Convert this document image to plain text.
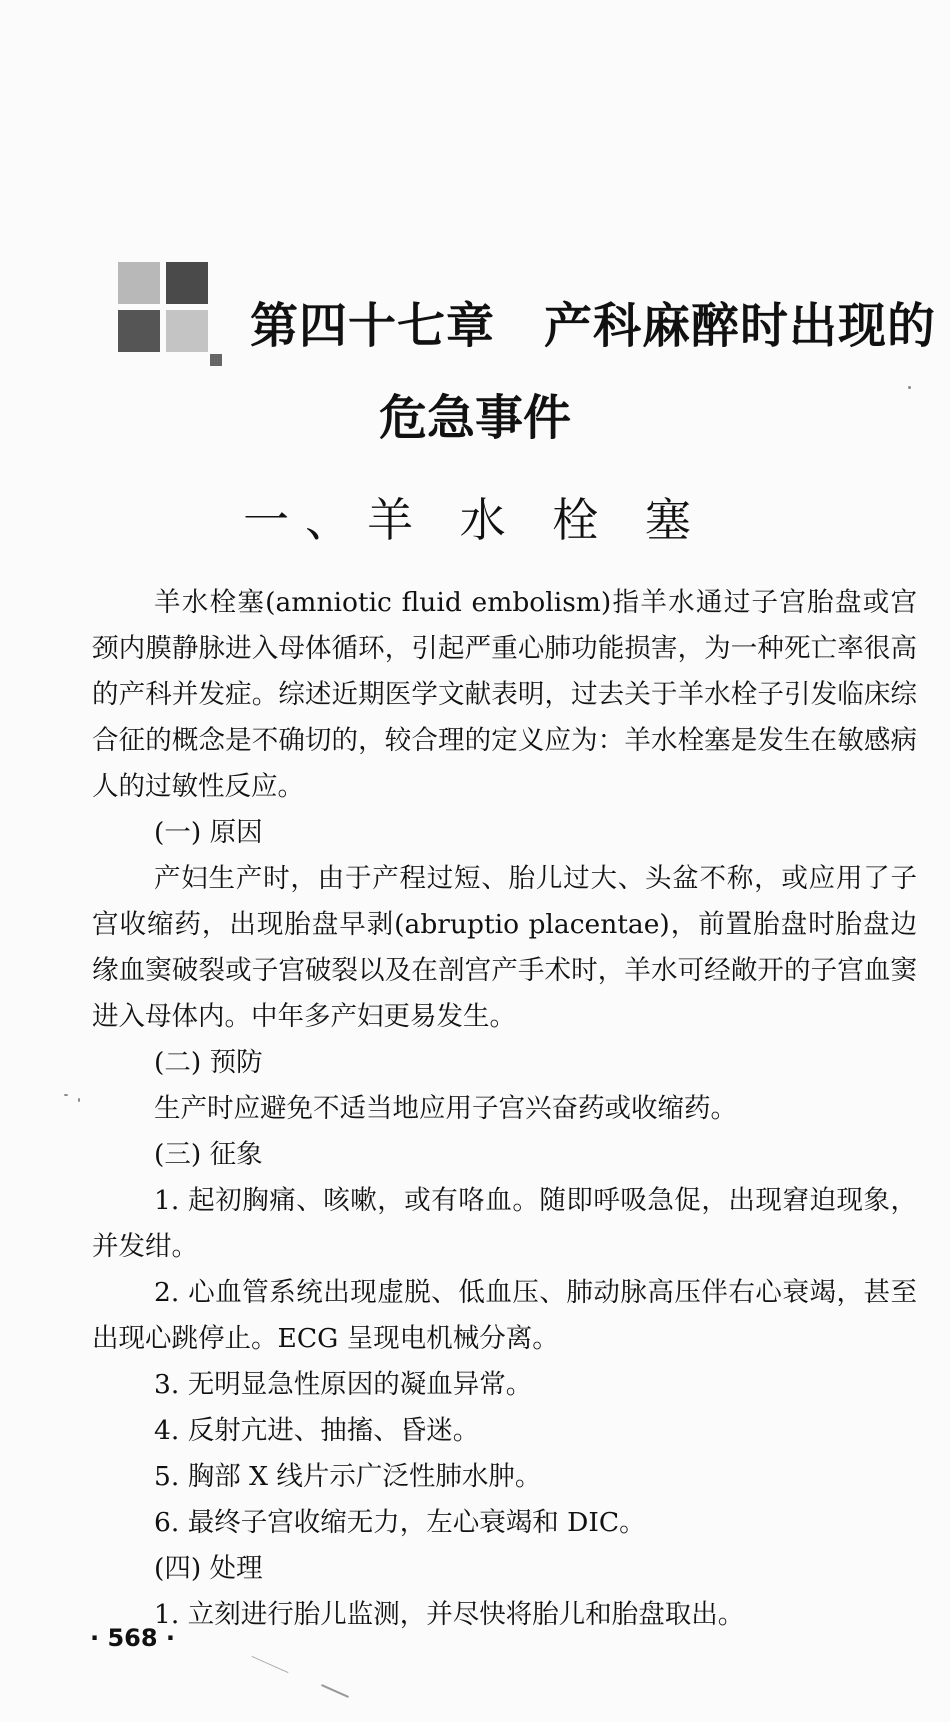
第四十七章　产科麻醉时出现的
危急事件
一、羊 水 栓 塞

羊水栓塞(amniotic fluid embolism)指羊水通过子宫胎盘或宫颈内膜静脉进入母体循环，引起严重心肺功能损害，为一种死亡率很高的产科并发症。综述近期医学文献表明，过去关于羊水栓子引发临床综合征的概念是不确切的，较合理的定义应为：羊水栓塞是发生在敏感病人的过敏性反应。

(一) 原因

产妇生产时，由于产程过短、胎儿过大、头盆不称，或应用了子宫收缩药，出现胎盘早剥(abruptio placentae)，前置胎盘时胎盘边缘血窦破裂或子宫破裂以及在剖宫产手术时，羊水可经敞开的子宫血窦进入母体内。中年多产妇更易发生。

(二) 预防

生产时应避免不适当地应用子宫兴奋药或收缩药。

(三) 征象

1. 起初胸痛、咳嗽，或有咯血。随即呼吸急促，出现窘迫现象，并发绀。

2. 心血管系统出现虚脱、低血压、肺动脉高压伴右心衰竭，甚至出现心跳停止。ECG 呈现电机械分离。

3. 无明显急性原因的凝血异常。

4. 反射亢进、抽搐、昏迷。

5. 胸部 X 线片示广泛性肺水肿。

6. 最终子宫收缩无力，左心衰竭和 DIC。

(四) 处理

1. 立刻进行胎儿监测，并尽快将胎儿和胎盘取出。

· 568 ·
